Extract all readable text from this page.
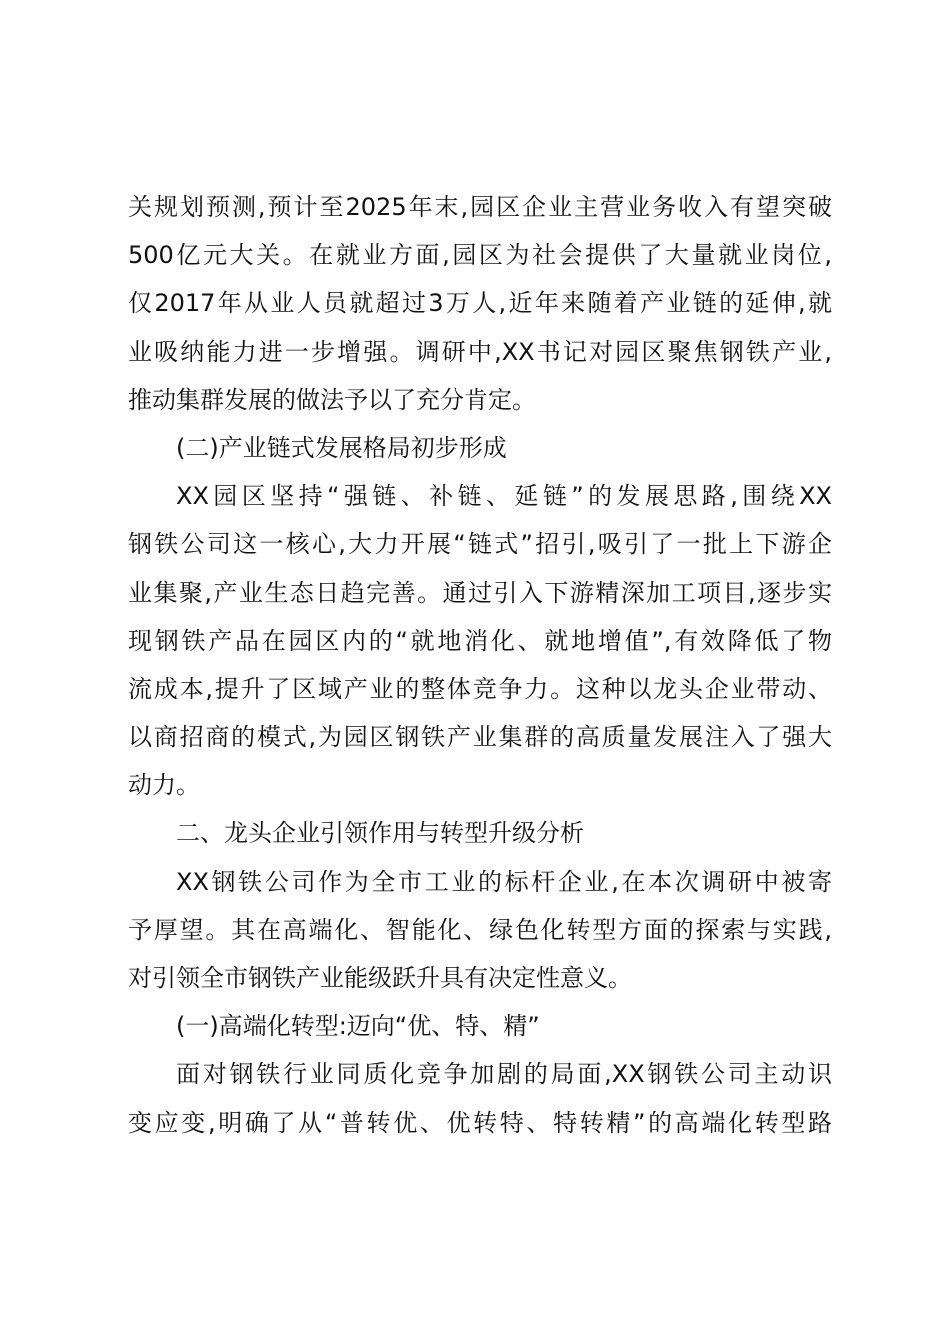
关规划预测,预计至2025年末,园区企业主营业务收入有望突破
500亿元大关。在就业方面,园区为社会提供了大量就业岗位,
仅2017年从业人员就超过3万人,近年来随着产业链的延伸,就
业吸纳能力进一步增强。调研中,XX书记对园区聚焦钢铁产业,
推动集群发展的做法予以了充分肯定。
(二)产业链式发展格局初步形成
XX园区坚持“强链、补链、延链”的发展思路,围绕XX
钢铁公司这一核心,大力开展“链式”招引,吸引了一批上下游企
业集聚,产业生态日趋完善。通过引入下游精深加工项目,逐步实
现钢铁产品在园区内的“就地消化、就地增值”,有效降低了物
流成本,提升了区域产业的整体竞争力。这种以龙头企业带动、
以商招商的模式,为园区钢铁产业集群的高质量发展注入了强大
动力。
二、龙头企业引领作用与转型升级分析
XX钢铁公司作为全市工业的标杆企业,在本次调研中被寄
予厚望。其在高端化、智能化、绿色化转型方面的探索与实践,
对引领全市钢铁产业能级跃升具有决定性意义。
(一)高端化转型:迈向“优、特、精”
面对钢铁行业同质化竞争加剧的局面,XX钢铁公司主动识
变应变,明确了从“普转优、优转特、特转精”的高端化转型路
